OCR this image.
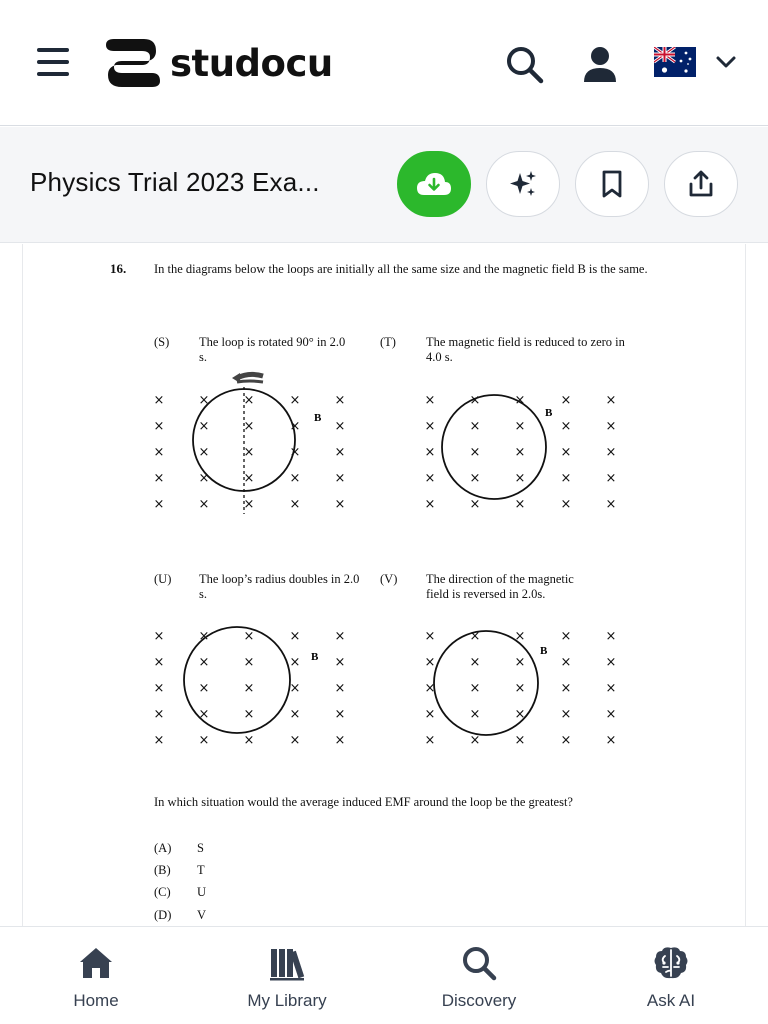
studocu
Physics Trial 2023 Exa...
16. In the diagrams below the loops are initially all the same size and the magnetic field B is the same.
(S) The loop is rotated 90° in 2.0 s.
(T) The magnetic field is reduced to zero in 4.0 s.
(U) The loop’s radius doubles in 2.0 s.
(V) The direction of the magnetic field is reversed in 2.0s.
×	×	×	×	×
×	×	×	×	×
×	×	×	×	×
×	×	×	×	×
×	×	×	×	×
×	×	×	×	×
×	×	×	×	×
×	×	×	×	×
×	×	×	×	×
×	×	×	×	×
×	×	×	×	×
×	×	×	×	×
×	×	×	×	×
×	×	×	×	×
×	×	×	×	×
×	×	×	×	×
×	×	×	×	×
×	×	×	×	×
×	×	×	×	×
×	×	×	×	×
B	B
B	B
In which situation would the average induced EMF around the loop be the greatest?
(A) S
(B) T
(C) U
(D) V
Home	My Library	Discovery	Ask AI
